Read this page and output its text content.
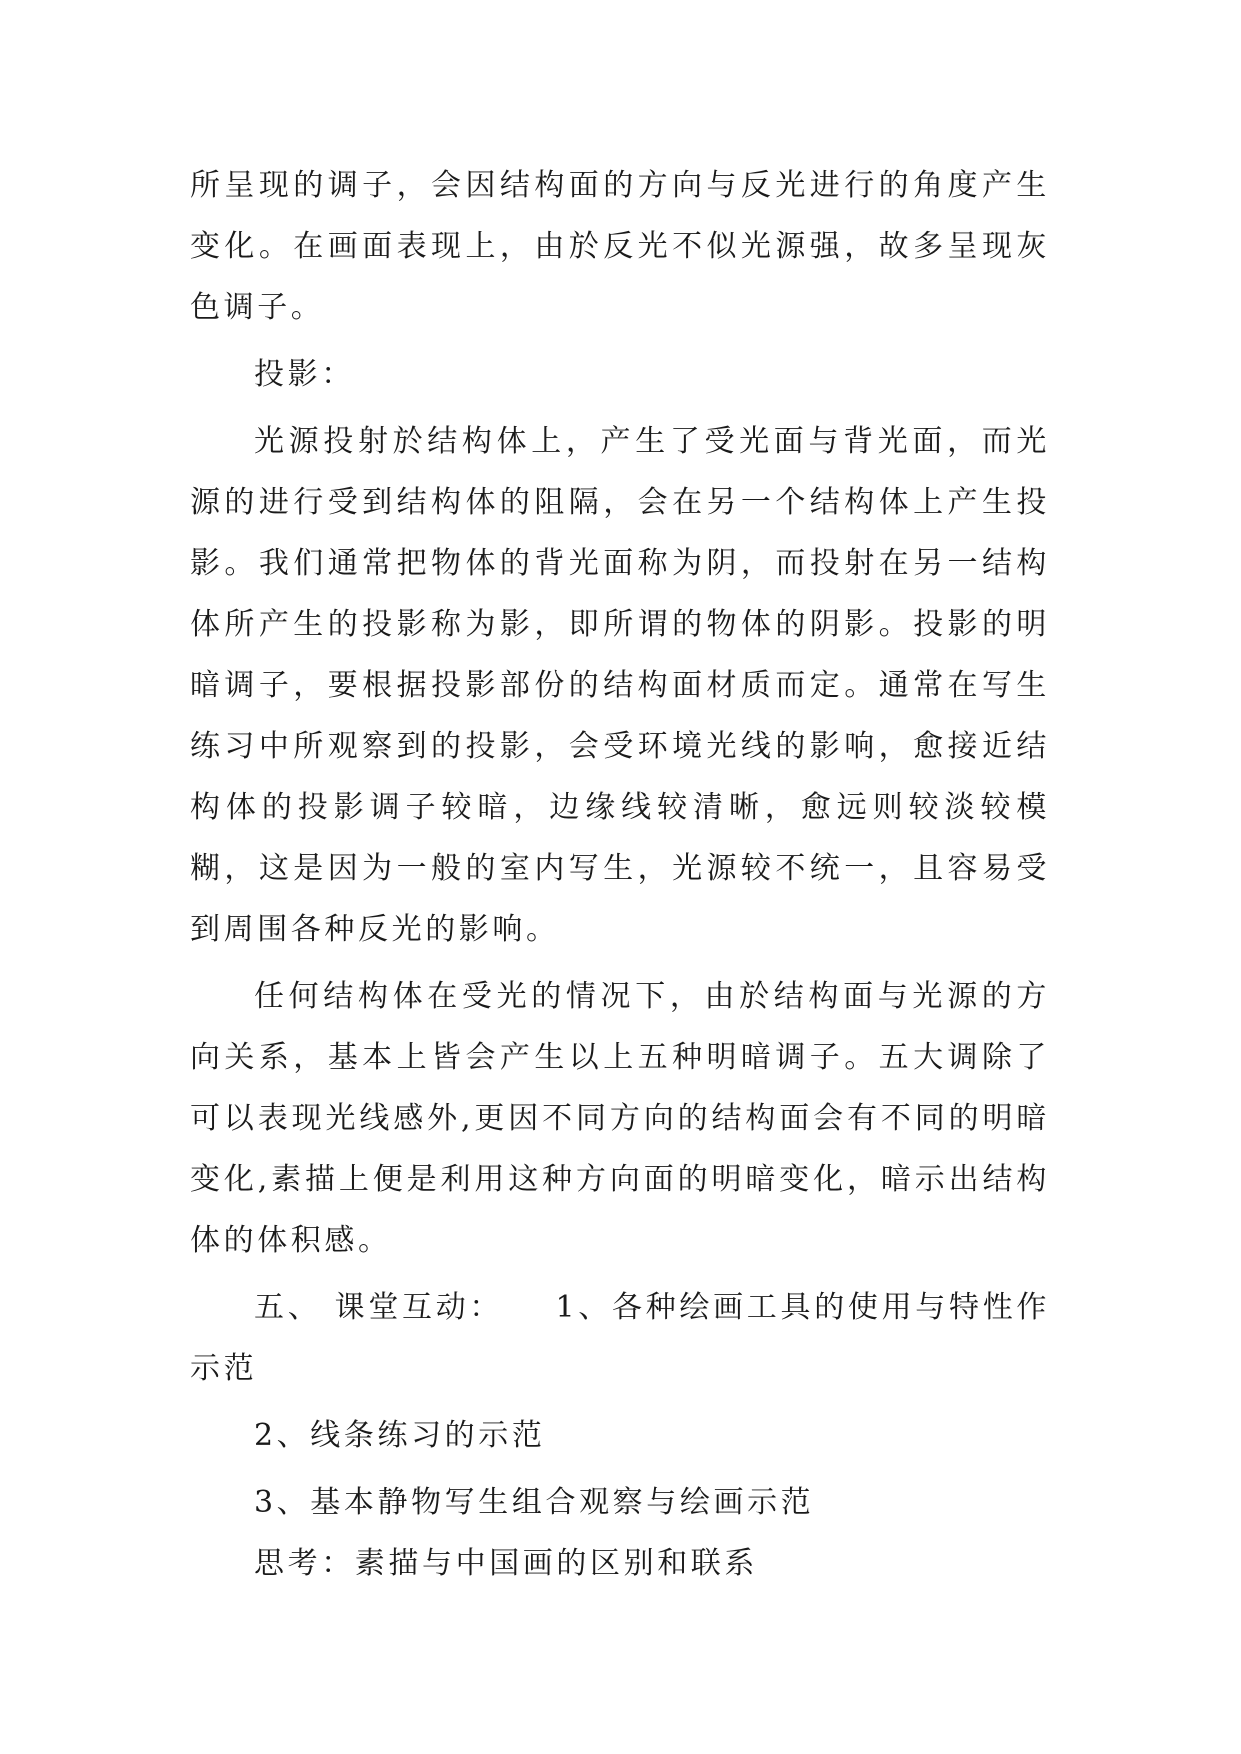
所呈现的调子，会因结构面的方向与反光进行的角度产生变化。在画面表现上，由於反光不似光源强，故多呈现灰色调子。

投影：

光源投射於结构体上，产生了受光面与背光面，而光源的进行受到结构体的阻隔，会在另一个结构体上产生投影。我们通常把物体的背光面称为阴，而投射在另一结构体所产生的投影称为影，即所谓的物体的阴影。投影的明暗调子，要根据投影部份的结构面材质而定。通常在写生练习中所观察到的投影，会受环境光线的影响，愈接近结构体的投影调子较暗，边缘线较清晰，愈远则较淡较模糊，这是因为一般的室内写生，光源较不统一，且容易受到周围各种反光的影响。

任何结构体在受光的情况下，由於结构面与光源的方向关系，基本上皆会产生以上五种明暗调子。五大调除了可以表现光线感外,更因不同方向的结构面会有不同的明暗变化,素描上便是利用这种方向面的明暗变化，暗示出结构体的体积感。

五、 课堂互动：　　1、各种绘画工具的使用与特性作示范

2、线条练习的示范

3、基本静物写生组合观察与绘画示范

思考：素描与中国画的区别和联系
